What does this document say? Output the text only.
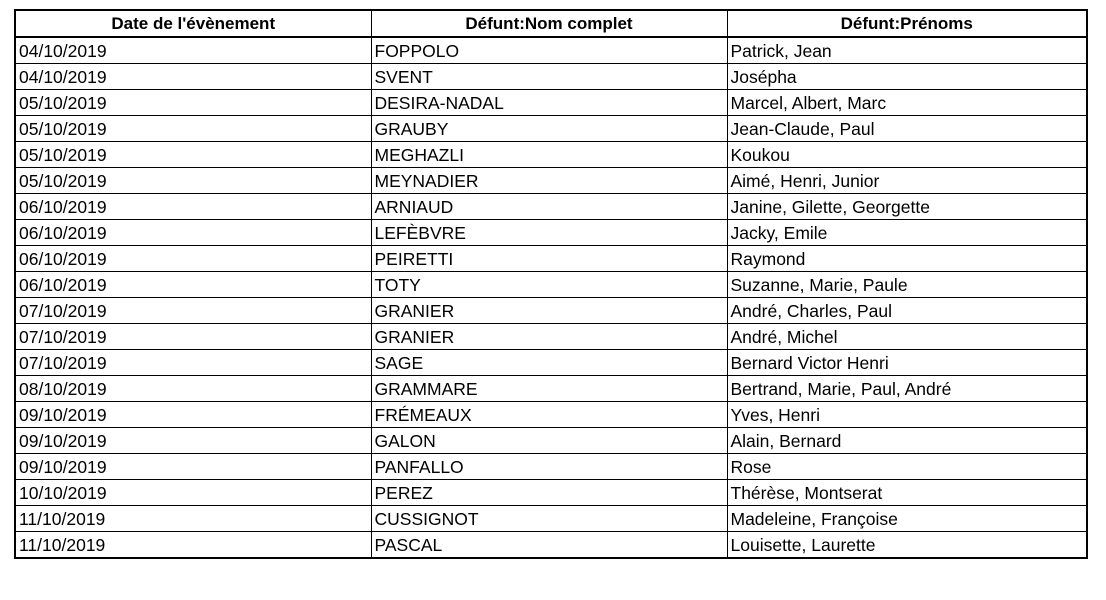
Date de l'évènement	Défunt:Nom complet	Défunt:Prénoms
04/10/2019	FOPPOLO	Patrick, Jean
04/10/2019	SVENT	Josépha
05/10/2019	DESIRA-NADAL	Marcel, Albert, Marc
05/10/2019	GRAUBY	Jean-Claude, Paul
05/10/2019	MEGHAZLI	Koukou
05/10/2019	MEYNADIER	Aimé, Henri, Junior
06/10/2019	ARNIAUD	Janine, Gilette, Georgette
06/10/2019	LEFÈBVRE	Jacky, Emile
06/10/2019	PEIRETTI	Raymond
06/10/2019	TOTY	Suzanne, Marie, Paule
07/10/2019	GRANIER	André, Charles, Paul
07/10/2019	GRANIER	André, Michel
07/10/2019	SAGE	Bernard Victor Henri
08/10/2019	GRAMMARE	Bertrand, Marie, Paul, André
09/10/2019	FRÉMEAUX	Yves, Henri
09/10/2019	GALON	Alain, Bernard
09/10/2019	PANFALLO	Rose
10/10/2019	PEREZ	Thérèse, Montserat
11/10/2019	CUSSIGNOT	Madeleine, Françoise
11/10/2019	PASCAL	Louisette, Laurette
